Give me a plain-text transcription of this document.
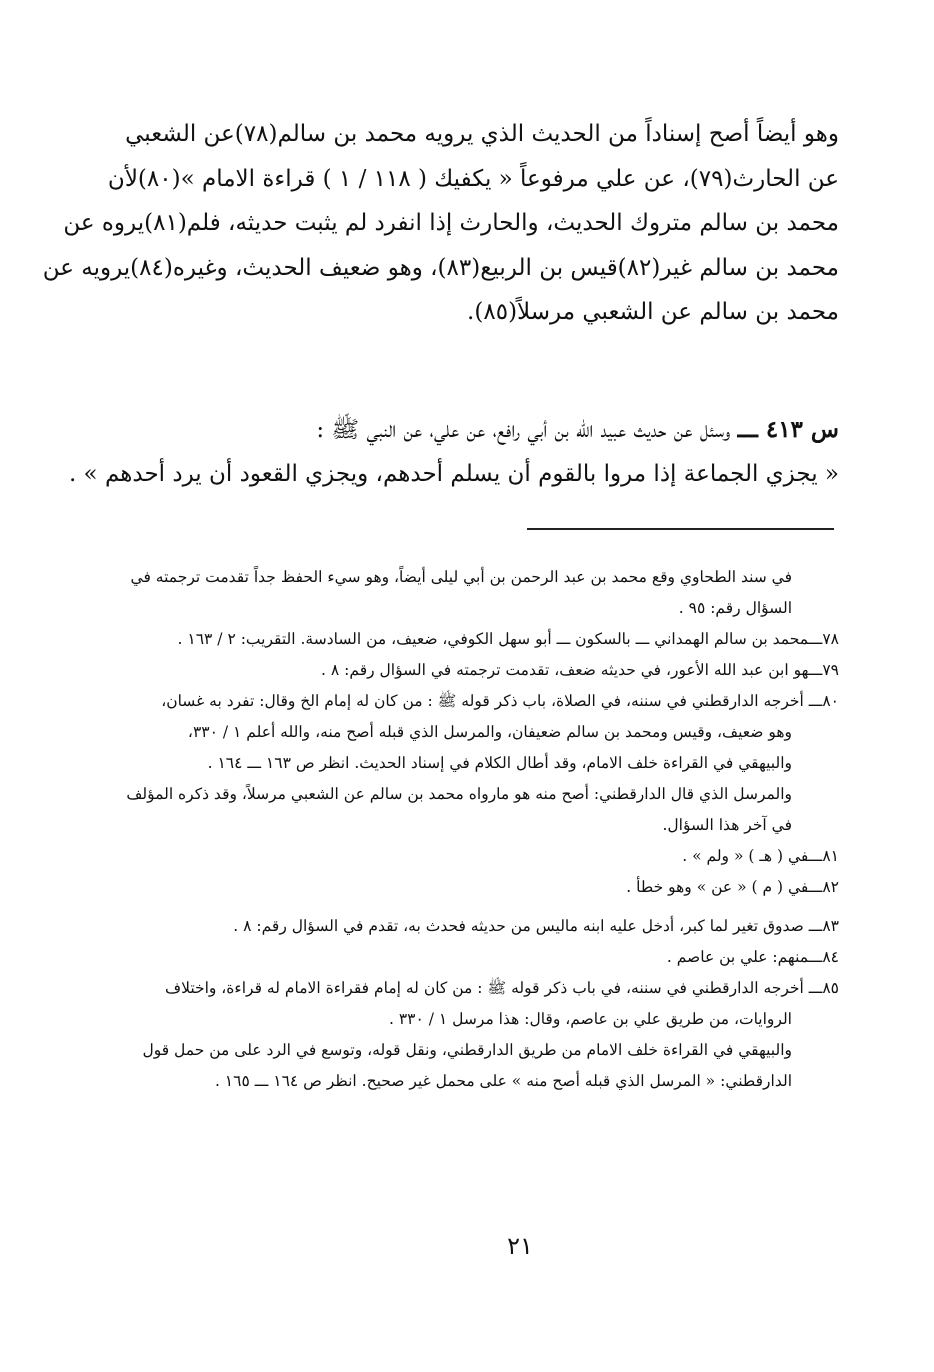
وهو أيضاً أصح إسناداً من الحديث الذي يرويه محمد بن سالم(٧٨)عن الشعبي
عن الحارث(٧٩)، عن علي مرفوعاً « يكفيك ( ١١٨ / ١ ) قراءة الامام »(٨٠)لأن
محمد بن سالم متروك الحديث، والحارث إذا انفرد لم يثبت حديثه، فلم(٨١)يروه عن
محمد بن سالم غير(٨٢)قيس بن الربيع(٨٣)، وهو ضعيف الحديث، وغيره(٨٤)يرويه عن
محمد بن سالم عن الشعبي مرسلاً(٨٥).
س ٤١٣ ـــ وسئل عن حديث عبيد الله بن أبي رافع، عن علي، عن النبي ﷺ :
« يجزي الجماعة إذا مروا بالقوم أن يسلم أحدهم، ويجزي القعود أن يرد أحدهم » .
في سند الطحاوي وقع محمد بن عبد الرحمن بن أبي ليلى أيضاً، وهو سيء الحفظ جداً تقدمت ترجمته في
السؤال رقم: ٩٥ .
٧٨ـــمحمد بن سالم الهمداني ـــ بالسكون ـــ أبو سهل الكوفي، ضعيف، من السادسة. التقريب: ٢ / ١٦٣ .
٧٩ـــهو ابن عبد الله الأعور، في حديثه ضعف، تقدمت ترجمته في السؤال رقم: ٨ .
٨٠ـــ أخرجه الدارقطني في سننه، في الصلاة، باب ذكر قوله ﷺ : من كان له إمام الخ وقال: تفرد به غسان،
وهو ضعيف، وقيس ومحمد بن سالم ضعيفان، والمرسل الذي قبله أصح منه، والله أعلم ١ / ٣٣٠،
والبيهقي في القراءة خلف الامام، وقد أطال الكلام في إسناد الحديث. انظر ص ١٦٣ ـــ ١٦٤ .
والمرسل الذي قال الدارقطني: أصح منه هو مارواه محمد بن سالم عن الشعبي مرسلاً، وقد ذكره المؤلف
في آخر هذا السؤال.
٨١ـــفي ( هـ ) « ولم » .
٨٢ـــفي ( م ) « عن » وهو خطأ .
٨٣ـــ صدوق تغير لما كبر، أدخل عليه ابنه ماليس من حديثه فحدث به، تقدم في السؤال رقم: ٨ .
٨٤ـــمنهم: علي بن عاصم .
٨٥ـــ أخرجه الدارقطني في سننه، في باب ذكر قوله ﷺ : من كان له إمام فقراءة الامام له قراءة، واختلاف
الروايات، من طريق علي بن عاصم، وقال: هذا مرسل ١ / ٣٣٠ .
والبيهقي في القراءة خلف الامام من طريق الدارقطني، ونقل قوله، وتوسع في الرد على من حمل قول
الدارقطني: « المرسل الذي قبله أصح منه » على محمل غير صحيح. انظر ص ١٦٤ ـــ ١٦٥ .
٢١
